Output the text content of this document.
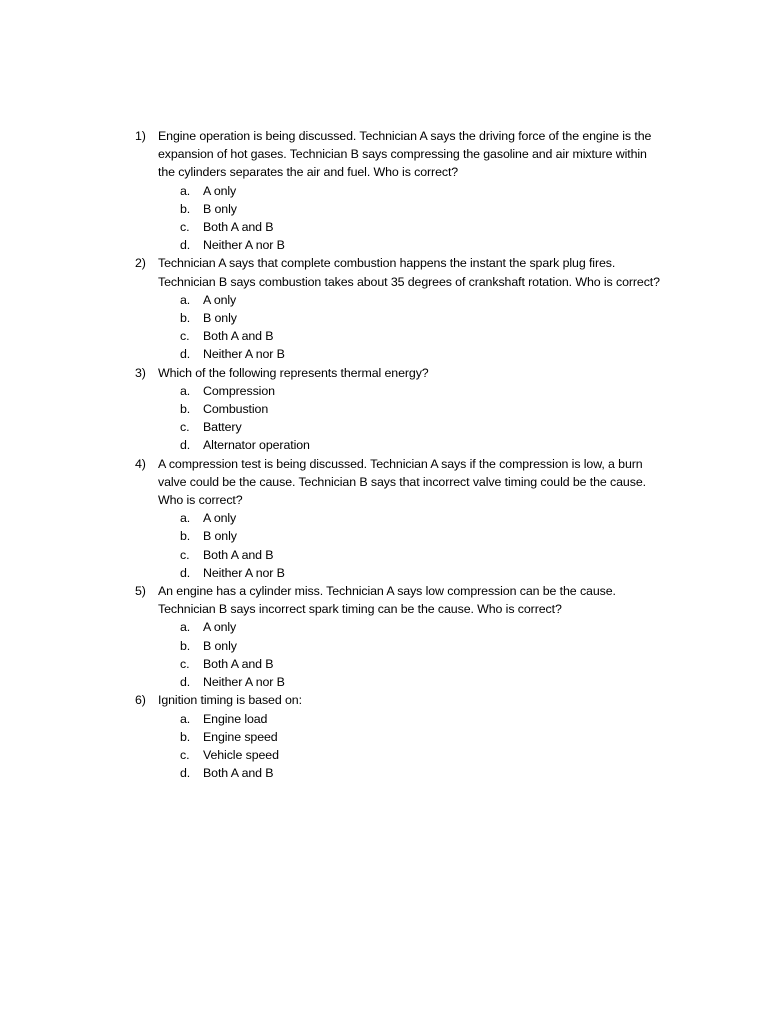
1) Engine operation is being discussed. Technician A says the driving force of the engine is the expansion of hot gases. Technician B says compressing the gasoline and air mixture within the cylinders separates the air and fuel. Who is correct?
a.	A only
b.	B only
c.	Both A and B
d.	Neither A nor B
2) Technician A says that complete combustion happens the instant the spark plug fires. Technician B says combustion takes about 35 degrees of crankshaft rotation. Who is correct?
a.	A only
b.	B only
c.	Both A and B
d.	Neither A nor B
3) Which of the following represents thermal energy?
a.	Compression
b.	Combustion
c.	Battery
d.	Alternator operation
4) A compression test is being discussed. Technician A says if the compression is low, a burn valve could be the cause. Technician B says that incorrect valve timing could be the cause. Who is correct?
a.	A only
b.	B only
c.	Both A and B
d.	Neither A nor B
5) An engine has a cylinder miss. Technician A says low compression can be the cause. Technician B says incorrect spark timing can be the cause. Who is correct?
a.	A only
b.	B only
c.	Both A and B
d.	Neither A nor B
6) Ignition timing is based on:
a.	Engine load
b.	Engine speed
c.	Vehicle speed
d.	Both A and B
